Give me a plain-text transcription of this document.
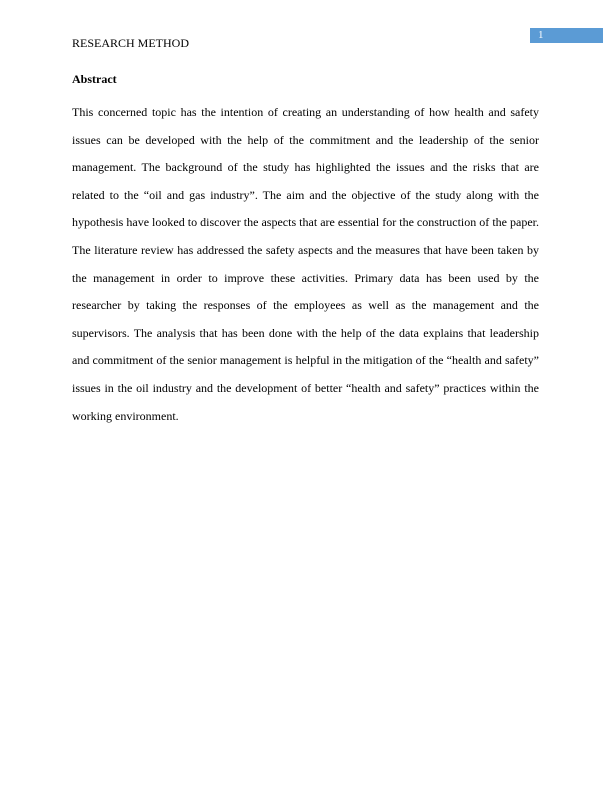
RESEARCH METHOD
1
Abstract

This concerned topic has the intention of creating an understanding of how health and safety issues can be developed with the help of the commitment and the leadership of the senior management. The background of the study has highlighted the issues and the risks that are related to the “oil and gas industry”. The aim and the objective of the study along with the hypothesis have looked to discover the aspects that are essential for the construction of the paper. The literature review has addressed the safety aspects and the measures that have been taken by the management in order to improve these activities. Primary data has been used by the researcher by taking the responses of the employees as well as the management and the supervisors. The analysis that has been done with the help of the data explains that leadership and commitment of the senior management is helpful in the mitigation of the “health and safety” issues in the oil industry and the development of better “health and safety” practices within the working environment.
